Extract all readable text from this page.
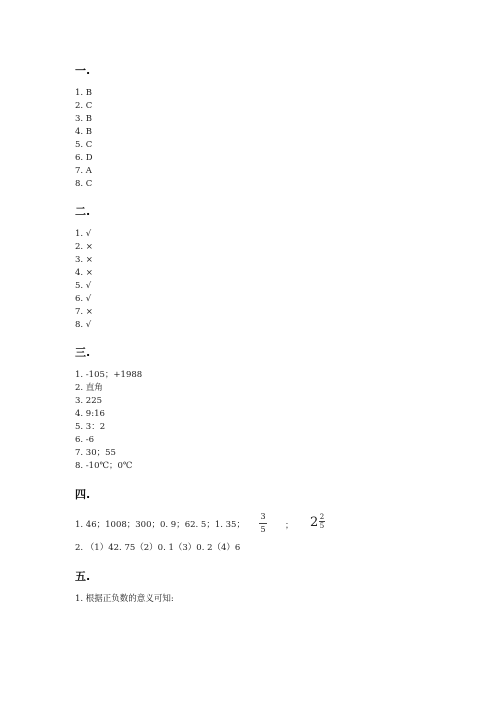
一.
1. B
2. C
3. B
4. B
5. C
6. D
7. A
8. C
二.
1. √
2. ×
3. ×
4. ×
5. √
6. √
7. ×
8. √
三.
1. -105；+1988
2. 直角
3. 225
4. 9:16
5. 3：2
6. -6
7. 30；55
8. -10℃；0℃
四.
1. 46；1008；300；0. 9；62. 5；1. 35；
3
5 ； 2 2
5
2. （1）42. 75（2）0. 1（3）0. 2（4）6
五.
1. 根据正负数的意义可知:
